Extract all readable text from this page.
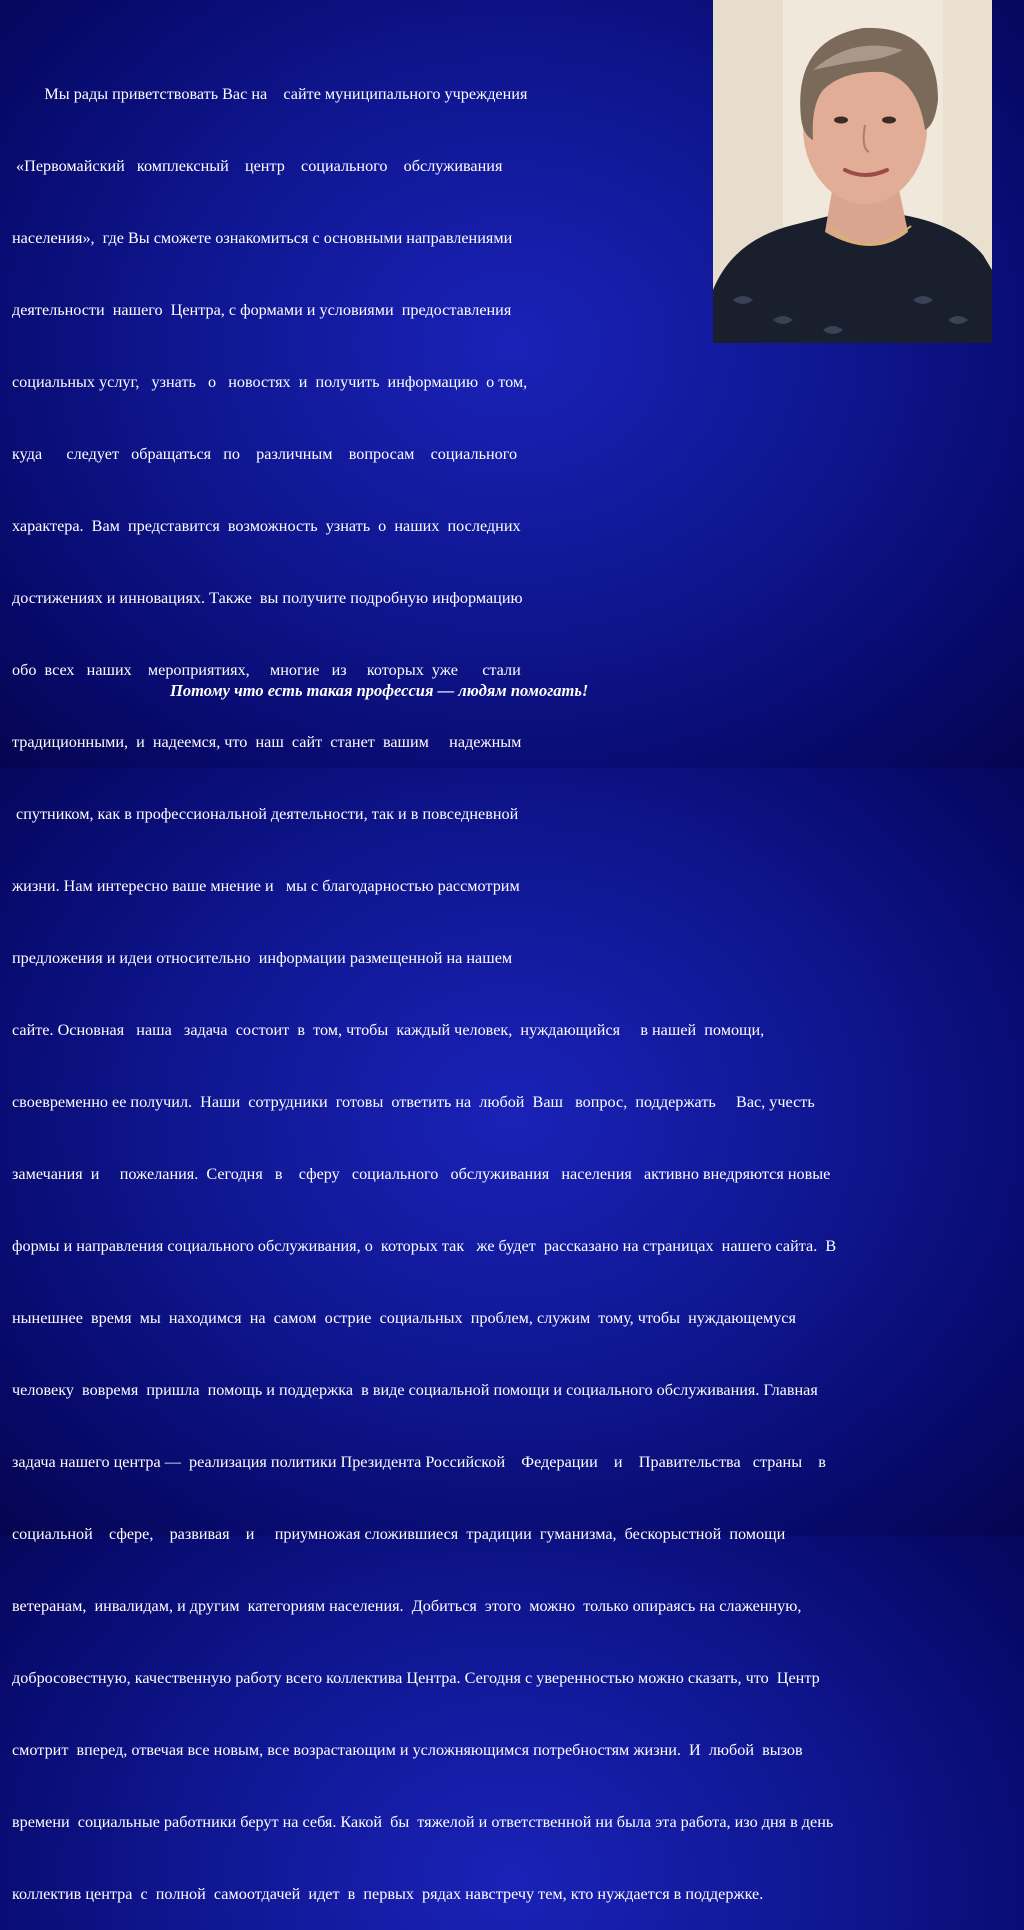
Мы рады приветствовать Вас на    сайте муниципального учреждения

«Первомайский   комплексный    центр    социального    обслуживания

населения»,  где Вы сможете ознакомиться с основными направлениями

деятельности  нашего  Центра, с формами и условиями  предоставления

социальных услуг,   узнать   о   новостях  и  получить  информацию  о том,

куда      следует   обращаться   по    различным    вопросам    социального

характера.  Вам  представится  возможность  узнать  о  наших  последних

достижениях и инновациях. Также  вы получите подробную информацию

обо  всех   наших    мероприятиях,     многие   из     которых  уже      стали

традиционными,  и  надеемся, что  наш  сайт  станет  вашим     надежным

спутником, как в профессиональной деятельности, так и в повседневной

жизни. Нам интересно ваше мнение и   мы с благодарностью рассмотрим

предложения и идеи относительно  информации размещенной на нашем

сайте. Основная   наша   задача  состоит  в  том, чтобы  каждый человек,  нуждающийся     в нашей  помощи,

своевременно ее получил.  Наши  сотрудники  готовы  ответить на  любой  Ваш   вопрос,  поддержать     Вас, учесть

замечания  и     пожелания.  Сегодня   в    сферу   социального   обслуживания   населения   активно внедряются новые

формы и направления социального обслуживания, о  которых так   же будет  рассказано на страницах  нашего сайта.  В

нынешнее  время  мы  находимся  на  самом  острие  социальных  проблем, служим  тому, чтобы  нуждающемуся

человеку  вовремя  пришла  помощь и поддержка  в виде социальной помощи и социального обслуживания. Главная

задача нашего центра —  реализация политики Президента Российской    Федерации    и    Правительства   страны    в

социальной    сфере,    развивая    и     приумножая сложившиеся  традиции  гуманизма,  бескорыстной  помощи

ветеранам,  инвалидам, и другим  категориям населения.  Добиться  этого  можно  только опираясь на слаженную,

добросовестную, качественную работу всего коллектива Центра. Сегодня с уверенностью можно сказать, что  Центр

смотрит  вперед, отвечая все новым, все возрастающим и усложняющимся потребностям жизни.  И  любой  вызов

времени  социальные работники берут на себя. Какой  бы  тяжелой и ответственной ни была эта работа, изо дня в день

коллектив центра  с  полной  самоотдачей  идет  в  первых  рядах навстречу тем, кто нуждается в поддержке.

Потому что есть такая профессия — людям помогать!
